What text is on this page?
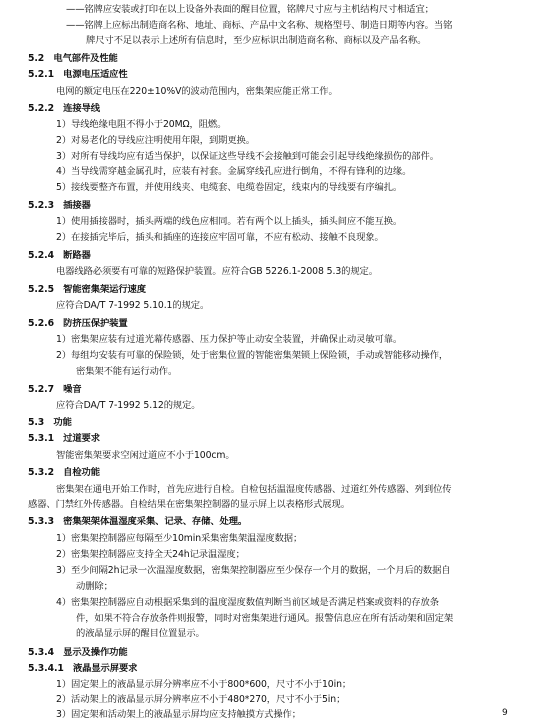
——铭牌应安装或打印在以上设备外表面的醒目位置，铭牌尺寸应与主机结构尺寸相适宜；
——铭牌上应标出制造商名称、地址、商标、产品中文名称、规格型号、制造日期等内容。当铭
牌尺寸不足以表示上述所有信息时，至少应标识出制造商名称、商标以及产品名称。
5.2　电气部件及性能
5.2.1　电源电压适应性
电网的额定电压在220±10%V的波动范围内，密集架应能正常工作。
5.2.2　连接导线
1）导线绝缘电阻不得小于20MΩ，阻燃。
2）对易老化的导线应注明使用年限，到期更换。
3）对所有导线均应有适当保护，以保证这些导线不会接触到可能会引起导线绝缘损伤的部件。
4）当导线需穿越金属孔时，应装有衬套。金属穿线孔应进行倒角，不得有锋利的边缘。
5）接线要整齐布置，并使用线夹、电缆套、电缆卷固定，线束内的导线要有序编扎。
5.2.3　插接器
1）使用插接器时，插头两端的线色应相同。若有两个以上插头，插头间应不能互换。
2）在接插完毕后，插头和插座的连接应牢固可靠，不应有松动、接触不良现象。
5.2.4　断路器
电器线路必须要有可靠的短路保护装置。应符合GB 5226.1-2008 5.3的规定。
5.2.5　智能密集架运行速度
应符合DA/T 7-1992 5.10.1的规定。
5.2.6　防挤压保护装置
1）密集架应装有过道光幕传感器、压力保护等止动安全装置，并确保止动灵敏可靠。
2）每组均安装有可靠的保险锁，处于密集位置的智能密集架锁上保险锁，手动或智能移动操作，
密集架不能有运行动作。
5.2.7　噪音
应符合DA/T 7-1992 5.12的规定。
5.3　功能
5.3.1　过道要求
智能密集架要求空闲过道应不小于100cm。
5.3.2　自检功能
密集架在通电开始工作时，首先应进行自检。自检包括温湿度传感器、过道红外传感器、列到位传
感器、门禁红外传感器。自检结果在密集架控制器的显示屏上以表格形式展现。
5.3.3　密集架架体温湿度采集、记录、存储、处理。
1）密集架控制器应每隔至少10min采集密集架温湿度数据；
2）密集架控制器应支持全天24h记录温湿度；
3）至少间隔2h记录一次温湿度数据，密集架控制器应至少保存一个月的数据，一个月后的数据自
动删除；
4）密集架控制器应自动根据采集到的温度湿度数值判断当前区域是否满足档案或资料的存放条
件，如果不符合存放条件则报警，同时对密集架进行通风。报警信息应在所有活动架和固定架
的液晶显示屏的醒目位置显示。
5.3.4　显示及操作功能
5.3.4.1　液晶显示屏要求
1）固定架上的液晶显示屏分辨率应不小于800*600，尺寸不小于10in；
2）活动架上的液晶显示屏分辨率应不小于480*270，尺寸不小于5in；
3）固定架和活动架上的液晶显示屏均应支持触摸方式操作；	9
